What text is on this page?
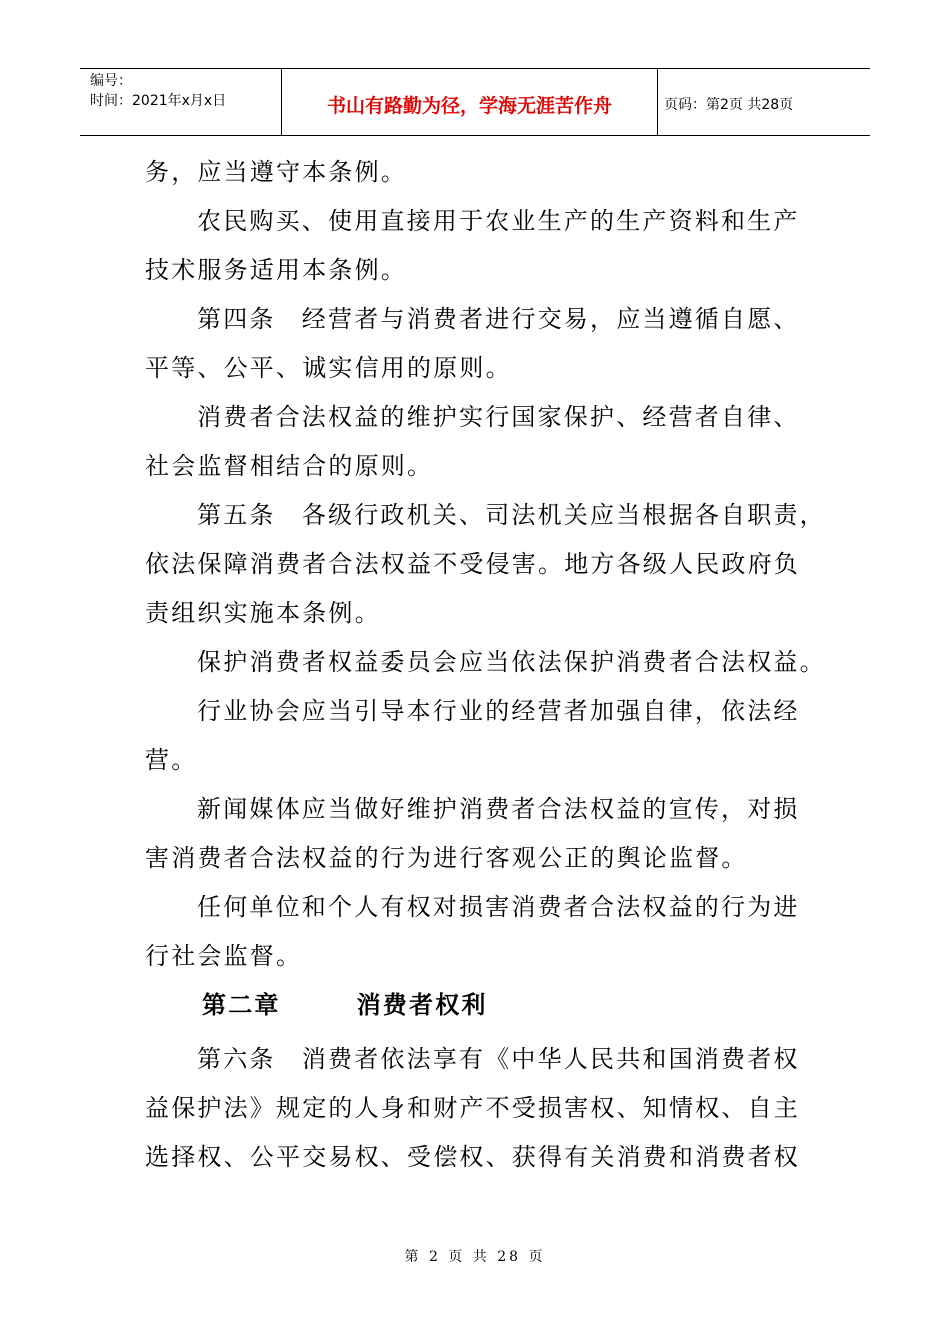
编号：
时间：2021年x月x日	书山有路勤为径，学海无涯苦作舟	页码：第2页 共28页
务，应当遵守本条例。
农民购买、使用直接用于农业生产的生产资料和生产
技术服务适用本条例。
第四条　经营者与消费者进行交易，应当遵循自愿、
平等、公平、诚实信用的原则。
消费者合法权益的维护实行国家保护、经营者自律、
社会监督相结合的原则。
第五条　各级行政机关、司法机关应当根据各自职责，
依法保障消费者合法权益不受侵害。地方各级人民政府负
责组织实施本条例。
保护消费者权益委员会应当依法保护消费者合法权益。
行业协会应当引导本行业的经营者加强自律，依法经
营。
新闻媒体应当做好维护消费者合法权益的宣传，对损
害消费者合法权益的行为进行客观公正的舆论监督。
任何单位和个人有权对损害消费者合法权益的行为进
行社会监督。
第二章	消费者权利
第六条　消费者依法享有《中华人民共和国消费者权
益保护法》规定的人身和财产不受损害权、知情权、自主
选择权、公平交易权、受偿权、获得有关消费和消费者权
第 2 页 共 28 页
